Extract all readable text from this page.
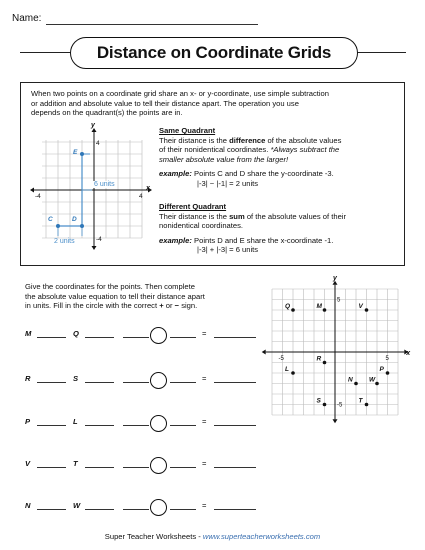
Name:
Distance on Coordinate Grids
When two points on a coordinate grid share an x- or y-coordinate, use simple subtraction
or addition and absolute value to tell their distance apart. The operation you use
depends on the quadrant(s) the points are in.
x
y
4
-4
-4	4
E
C	D
6 units
2 units
Same Quadrant
Their distance is the difference of the absolute values
of their nonidentical coordinates. *Always subtract the
smaller absolute value from the larger!
example: Points C and D share the y-coordinate -3.
|-3| − |-1| = 2 units
Different Quadrant
Their distance is the sum of the absolute values of their
nonidentical coordinates.
example: Points D and E share the x-coordinate -1.
|-3| + |-3| = 6 units
Give the coordinates for the points. Then complete
the absolute value equation to tell their distance apart
in units. Fill in the circle with the correct + or − sign.
M	Q	=
R	S	=
P	L	=
V	T	=
N	W	=
x
y
5
-5
-5	5
Q	M	V
R
L	P
N	W
S	T
Super Teacher Worksheets - www.superteacherworksheets.com
